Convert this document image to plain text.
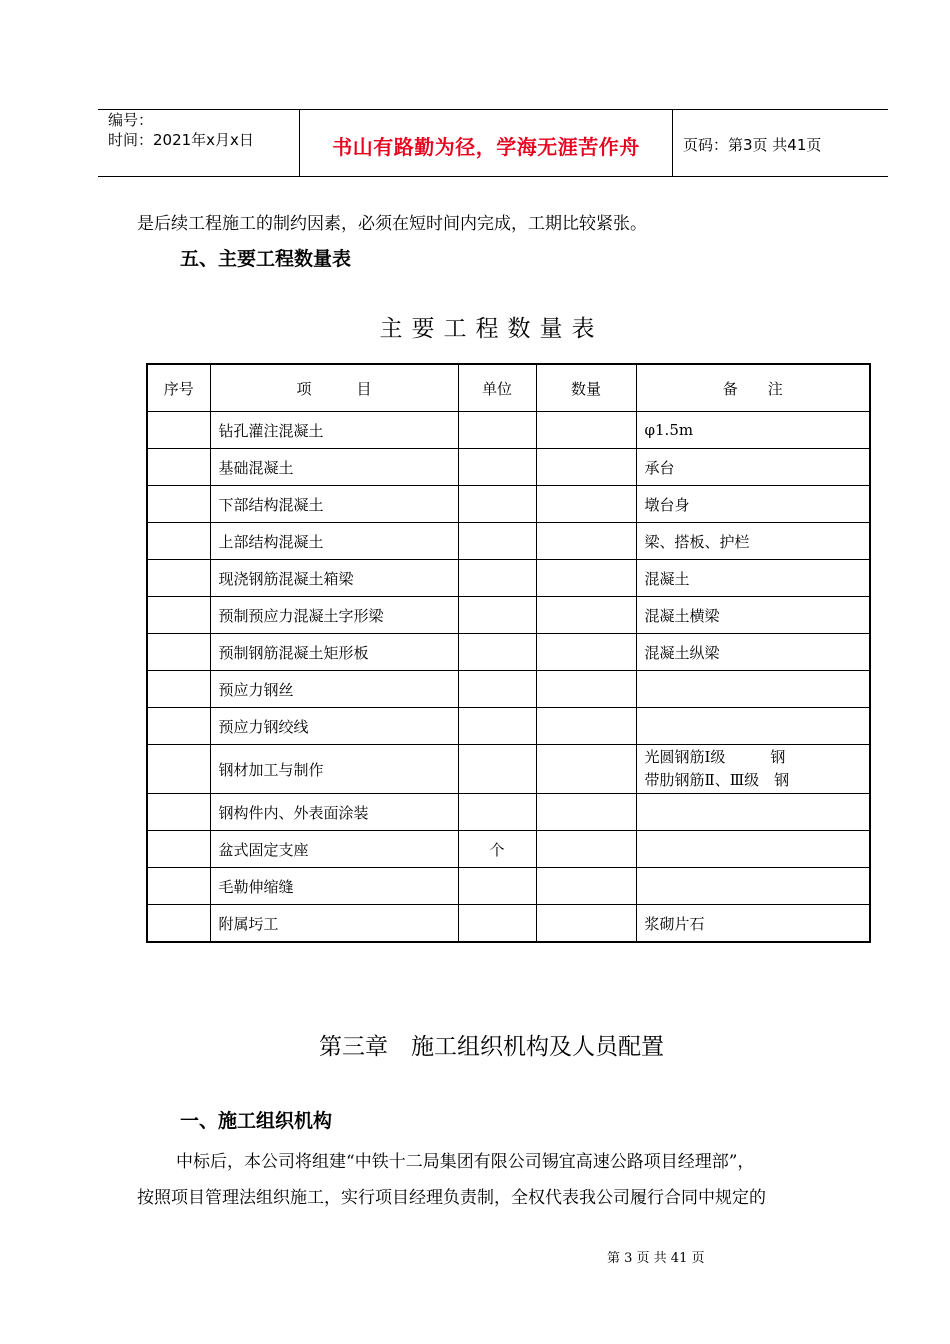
编号：
时间：2021年x月x日	书山有路勤为径，学海无涯苦作舟	页码：第3页 共41页
是后续工程施工的制约因素，必须在短时间内完成，工期比较紧张。
五、主要工程数量表
主要工程数量表
序号	项　　　目	单位	数量	备　　注
	钻孔灌注混凝土			φ1.5m
	基础混凝土			承台
	下部结构混凝土			墩台身
	上部结构混凝土			梁、搭板、护栏
	现浇钢筋混凝土箱梁			混凝土
	预制预应力混凝土字形梁			混凝土横梁
	预制钢筋混凝土矩形板			混凝土纵梁
	预应力钢丝			
	预应力钢绞线			
	钢材加工与制作			光圆钢筋Ⅰ级　　　钢
带肋钢筋Ⅱ、Ⅲ级　钢

	钢构件内、外表面涂装			
	盆式固定支座	个		
	毛勒伸缩缝			
	附属圬工			浆砌片石
第三章　施工组织机构及人员配置
一、施工组织机构
中标后，本公司将组建“中铁十二局集团有限公司锡宜高速公路项目经理部”，
按照项目管理法组织施工，实行项目经理负责制，全权代表我公司履行合同中规定的
第 3 页 共 41 页
